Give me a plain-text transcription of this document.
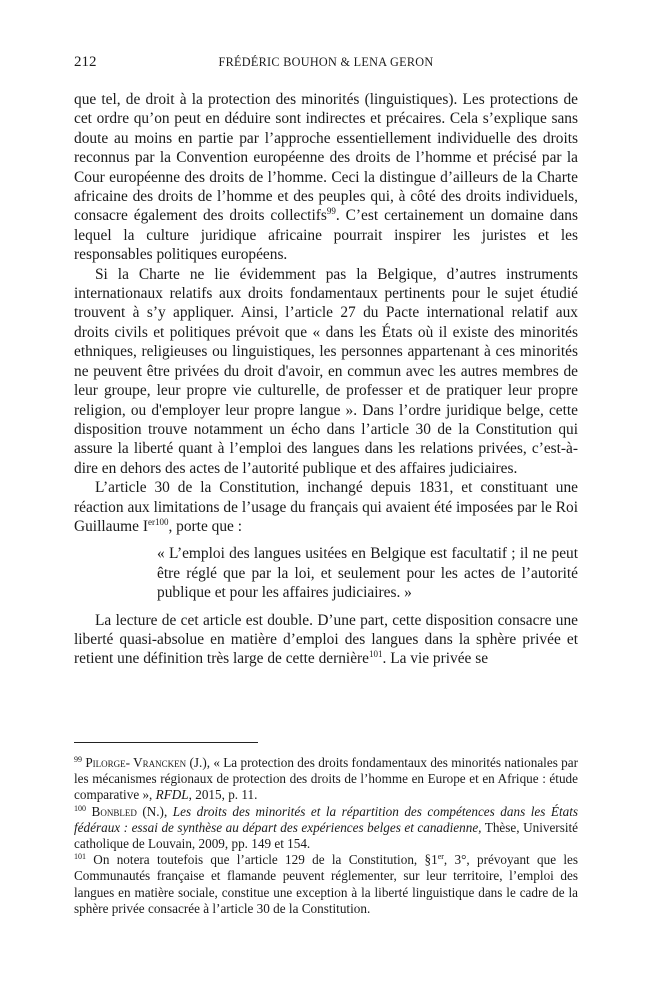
212	FRÉDÉRIC BOUHON & LENA GERON

que tel, de droit à la protection des minorités (linguistiques). Les protections de cet ordre qu’on peut en déduire sont indirectes et précaires. Cela s’explique sans doute au moins en partie par l’approche essentiellement individuelle des droits reconnus par la Convention européenne des droits de l’homme et précisé par la Cour européenne des droits de l’homme. Ceci la distingue d’ailleurs de la Charte africaine des droits de l’homme et des peuples qui, à côté des droits individuels, consacre également des droits collectifs$^{99}$. C’est certainement un domaine dans lequel la culture juridique africaine pourrait inspirer les juristes et les responsables politiques européens.

Si la Charte ne lie évidemment pas la Belgique, d’autres instruments internationaux relatifs aux droits fondamentaux pertinents pour le sujet étudié trouvent à s’y appliquer. Ainsi, l’article 27 du Pacte international relatif aux droits civils et politiques prévoit que « dans les États où il existe des minorités ethniques, religieuses ou linguistiques, les personnes appartenant à ces minorités ne peuvent être privées du droit d'avoir, en commun avec les autres membres de leur groupe, leur propre vie culturelle, de professer et de pratiquer leur propre religion, ou d'employer leur propre langue ». Dans l’ordre juridique belge, cette disposition trouve notamment un écho dans l’article 30 de la Constitution qui assure la liberté quant à l’emploi des langues dans les relations privées, c’est-à-dire en dehors des actes de l’autorité publique et des affaires judiciaires.

L’article 30 de la Constitution, inchangé depuis 1831, et constituant une réaction aux limitations de l’usage du français qui avaient été imposées par le Roi Guillaume $I^{er100}$, porte que :

« L’emploi des langues usitées en Belgique est facultatif ; il ne peut être réglé que par la loi, et seulement pour les actes de l’autorité publique et pour les affaires judiciaires. »

La lecture de cet article est double. D’une part, cette disposition consacre une liberté quasi-absolue en matière d’emploi des langues dans la sphère privée et retient une définition très large de cette dernière$^{101}$. La vie privée se

$^{99}$ Pilorge- Vrancken (J.), « La protection des droits fondamentaux des minorités nationales par les mécanismes régionaux de protection des droits de l’homme en Europe et en Afrique : étude comparative », RFDL, 2015, p. 11.

$^{100}$ Bonbled (N.), Les droits des minorités et la répartition des compétences dans les États fédéraux : essai de synthèse au départ des expériences belges et canadienne, Thèse, Université catholique de Louvain, 2009, pp. 149 et 154.

$^{101}$ On notera toutefois que l’article 129 de la Constitution, §1er, 3°, prévoyant que les Communautés française et flamande peuvent réglementer, sur leur territoire, l’emploi des langues en matière sociale, constitue une exception à la liberté linguistique dans le cadre de la sphère privée consacrée à l’article 30 de la Constitution.
